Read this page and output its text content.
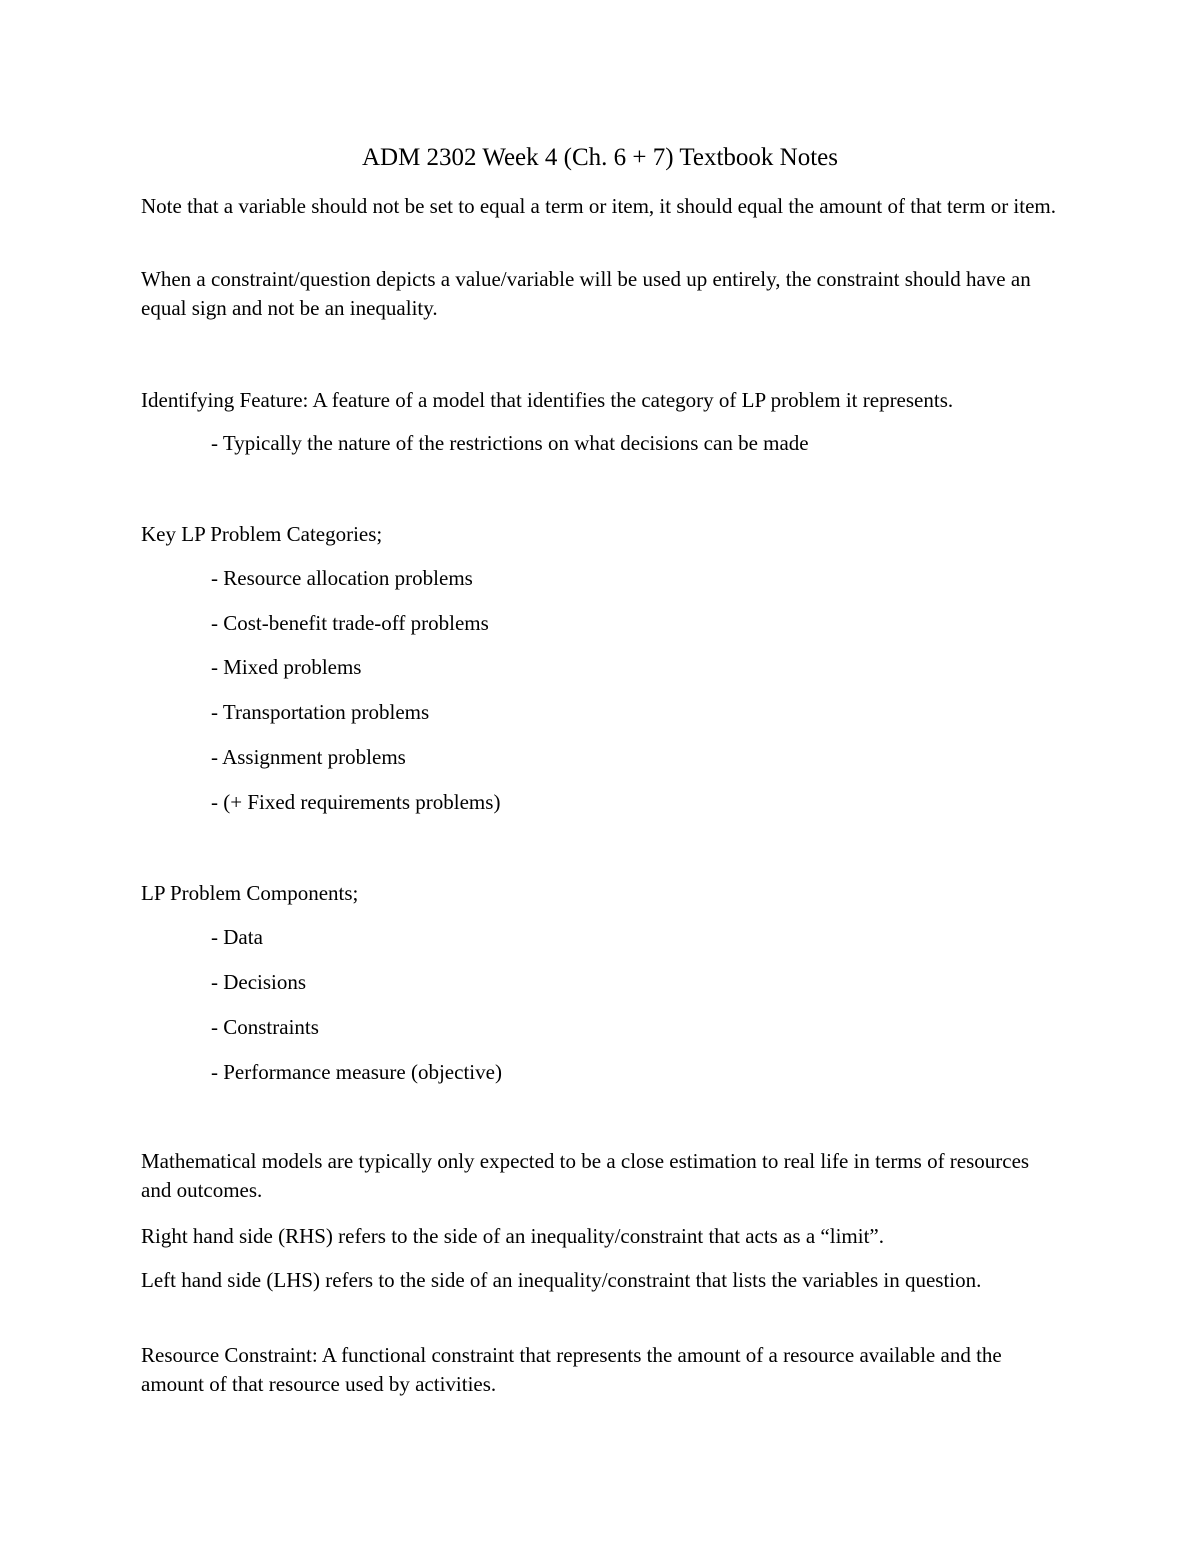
ADM 2302 Week 4 (Ch. 6 + 7) Textbook Notes

Note that a variable should not be set to equal a term or item, it should equal the amount of that term or item.

When a constraint/question depicts a value/variable will be used up entirely, the constraint should have an equal sign and not be an inequality.

Identifying Feature: A feature of a model that identifies the category of LP problem it represents.

- Typically the nature of the restrictions on what decisions can be made

Key LP Problem Categories;

- Resource allocation problems

- Cost-benefit trade-off problems

- Mixed problems

- Transportation problems

- Assignment problems

- (+ Fixed requirements problems)

LP Problem Components;

- Data

- Decisions

- Constraints

- Performance measure (objective)

Mathematical models are typically only expected to be a close estimation to real life in terms of resources and outcomes.

Right hand side (RHS) refers to the side of an inequality/constraint that acts as a “limit”.

Left hand side (LHS) refers to the side of an inequality/constraint that lists the variables in question.

Resource Constraint: A functional constraint that represents the amount of a resource available and the amount of that resource used by activities.
